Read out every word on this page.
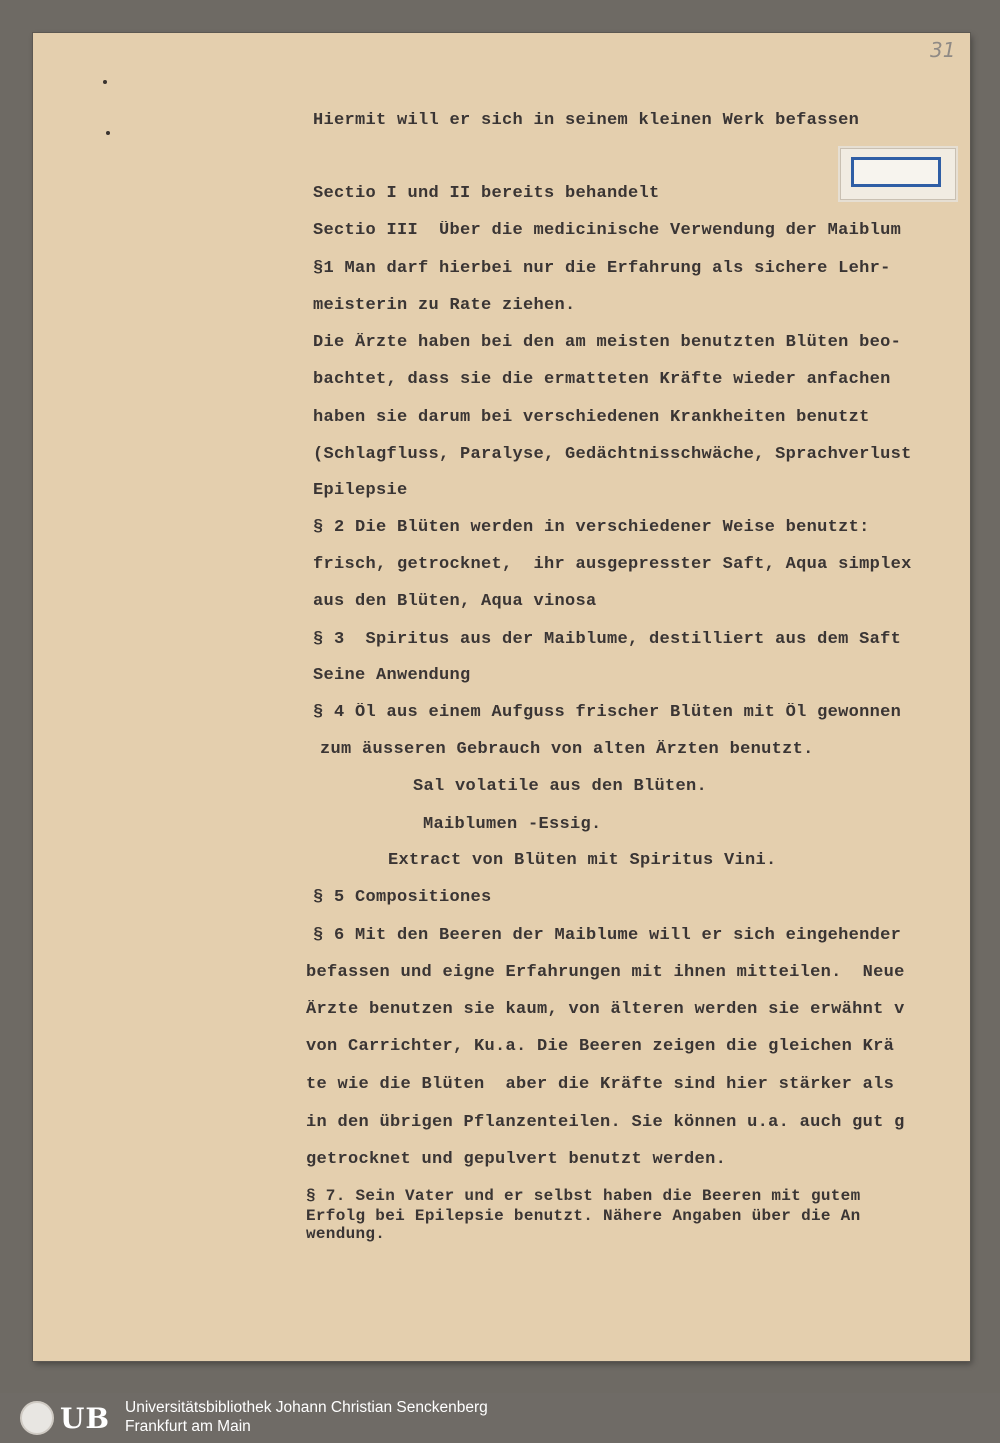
31

Hiermit will er sich in seinem kleinen Werk befassen

Sectio I und II bereits behandelt

Sectio III  Über die medicinische Verwendung der Maiblum

§1 Man darf hierbei nur die Erfahrung als sichere Lehr-

meisterin zu Rate ziehen.

Die Ärzte haben bei den am meisten benutzten Blüten beo-

bachtet, dass sie die ermatteten Kräfte wieder anfachen

haben sie darum bei verschiedenen Krankheiten benutzt

(Schlagfluss, Paralyse, Gedächtnisschwäche, Sprachverlust

Epilepsie

§ 2 Die Blüten werden in verschiedener Weise benutzt:

frisch, getrocknet,  ihr ausgepresster Saft, Aqua simplex

aus den Blüten, Aqua vinosa

§ 3  Spiritus aus der Maiblume, destilliert aus dem Saft

Seine Anwendung

§ 4 Öl aus einem Aufguss frischer Blüten mit Öl gewonnen

zum äusseren Gebrauch von alten Ärzten benutzt.

Sal volatile aus den Blüten.

Maiblumen -Essig.

Extract von Blüten mit Spiritus Vini.

§ 5 Compositiones

§ 6 Mit den Beeren der Maiblume will er sich eingehender

befassen und eigne Erfahrungen mit ihnen mitteilen.  Neue

Ärzte benutzen sie kaum, von älteren werden sie erwähnt v

von Carrichter, Ku.a. Die Beeren zeigen die gleichen Krä

te wie die Blüten  aber die Kräfte sind hier stärker als

in den übrigen Pflanzenteilen. Sie können u.a. auch gut g

getrocknet und gepulvert benutzt werden.

§ 7. Sein Vater und er selbst haben die Beeren mit gutem

Erfolg bei Epilepsie benutzt. Nähere Angaben über die An

wendung.

UB Universitätsbibliothek Johann Christian Senckenberg
Frankfurt am Main
